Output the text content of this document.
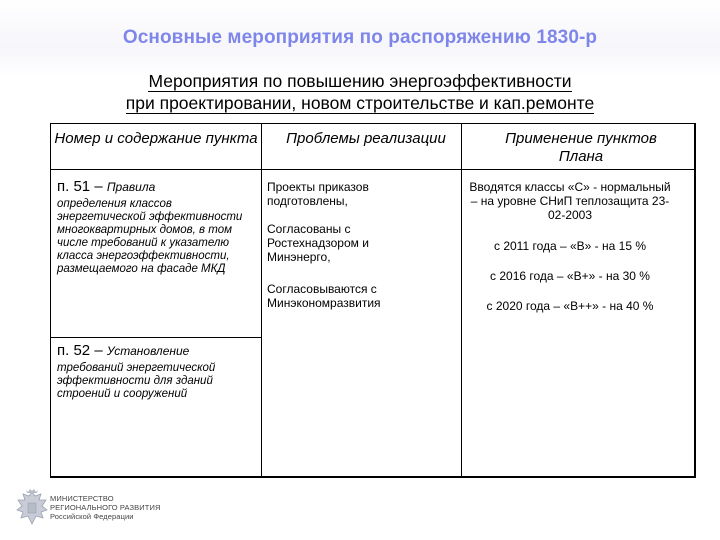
Основные мероприятия по распоряжению 1830-р
Мероприятия по повышению энергоэффективности
при проектировании, новом строительстве и кап.ремонте
Номер и содержание пункта Проблемы реализации	Применение пунктов Плана
п. 51 – Правила
определения классов энергетической эффективности многоквартирных домов, в том числе требований к указателю класса энергоэффективности, размещаемого на фасаде МКД
п. 52 – Установление
требований энергетической эффективности для зданий строений и сооружений
Проекты приказов подготовлены,
Согласованы с Ростехнадзором и Минэнерго,
Согласовываются с Минэкономразвития
Вводятся классы «С» - нормальный – на уровне СНиП теплозащита 23-02-2003
с 2011 года – «В» - на 15 %
с 2016 года – «В+» - на 30 %
с 2020 года – «В++» - на 40 %
МИНИСТЕРСТВО
РЕГИОНАЛЬНОГО РАЗВИТИЯ
Российской Федерации
